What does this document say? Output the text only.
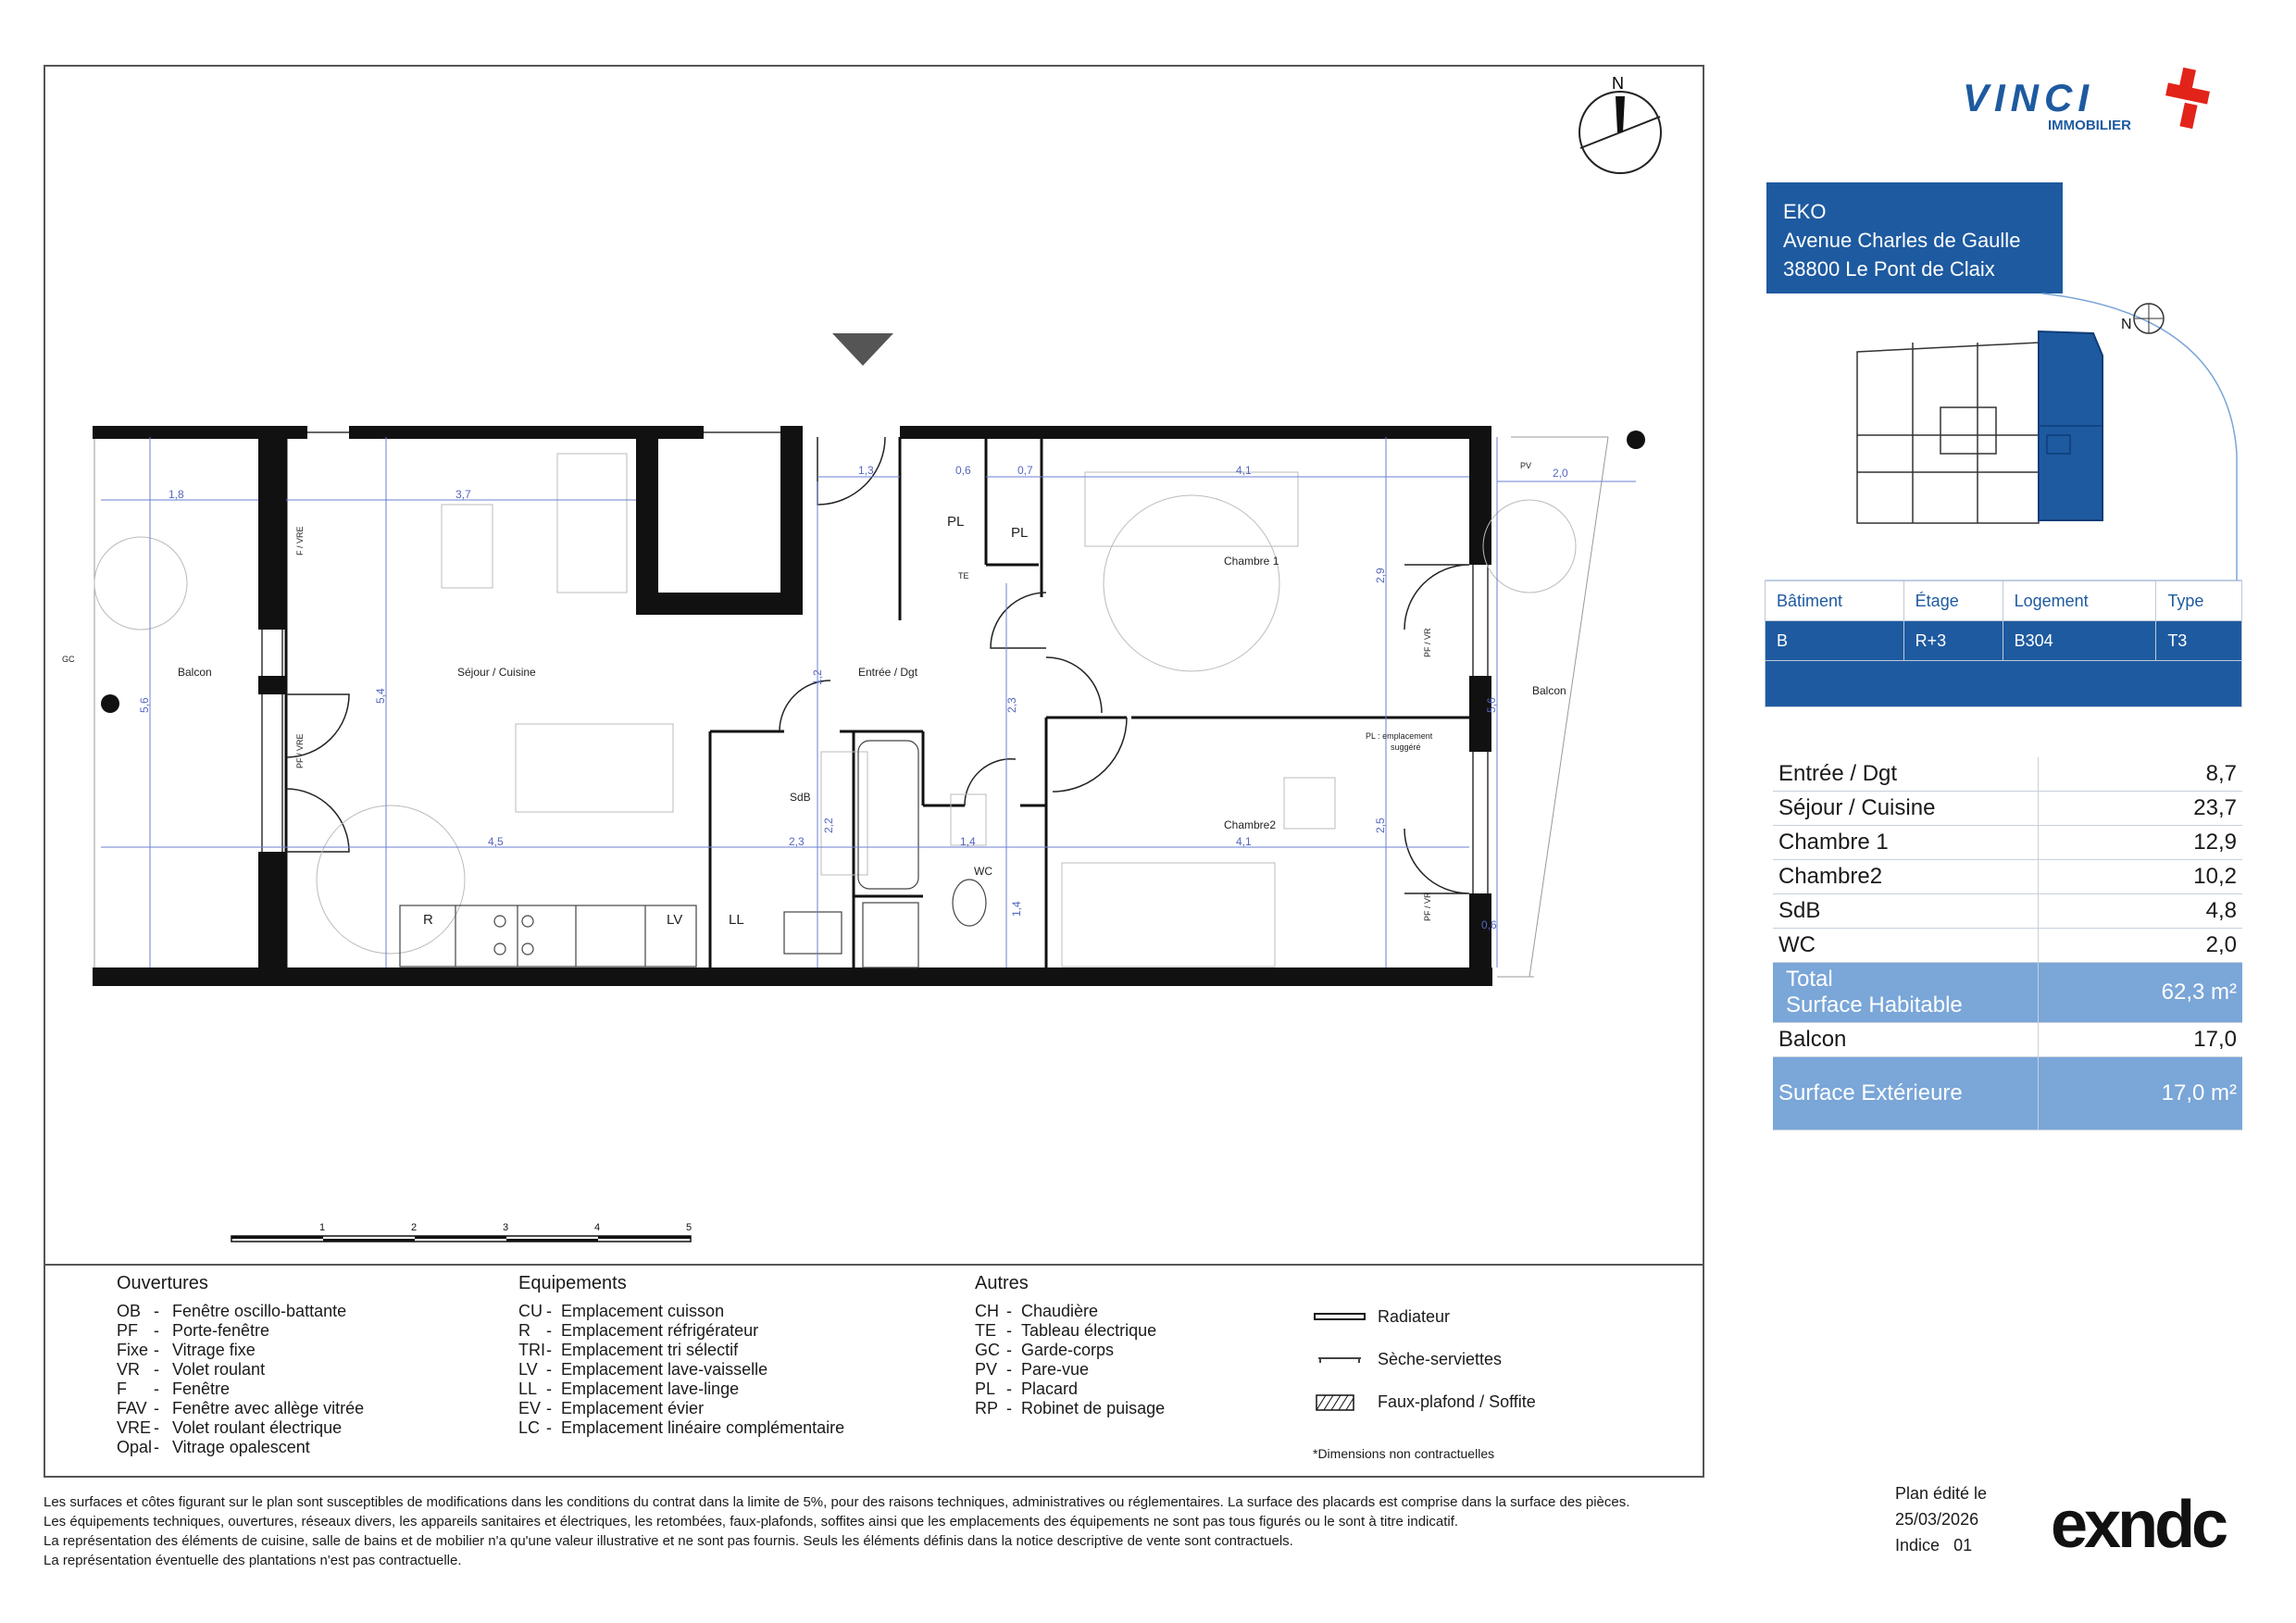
N
Balcon	Séjour / Cuisine	Entrée / Dgt
Chambre 1
Chambre2
SdB
WC
Balcon
PL
PL
R	LV	LL
TE
PL : emplacement
suggéré
PV
GC
PF / VR
PF / VR
F / VRE
PF / VRE
1,8	3,7
1,3	0,6	0,7	4,1	2,0
5,6
5,4
1,2
2,3
2,9
5,6
4,5	2,3
2,2
1,4
1,4
4,1
2,5
0,6
1	2	3	4	5
Ouvertures
OB - Fenêtre oscillo-battante
PF - Porte-fenêtre
Fixe - Vitrage fixe
VR - Volet roulant
F	- Fenêtre
FAV - Fenêtre avec allège vitrée
VRE - Volet roulant électrique
Opal - Vitrage opalescent
Equipements
CU - Emplacement cuisson
R - Emplacement réfrigérateur
TRI - Emplacement tri sélectif
LV - Emplacement lave-vaisselle
LL - Emplacement lave-linge
EV - Emplacement évier
LC - Emplacement linéaire complémentaire
Autres
CH - Chaudière
TE - Tableau électrique
GC - Garde-corps
PV - Pare-vue
PL - Placard
RP - Robinet de puisage
Radiateur
Sèche-serviettes
Faux-plafond / Soffite
*Dimensions non contractuelles
Les surfaces et côtes figurant sur le plan sont susceptibles de modifications dans les conditions du contrat dans la limite de 5%, pour des raisons techniques, administratives ou réglementaires. La surface des placards est comprise dans la surface des pièces.
Les équipements techniques, ouvertures, réseaux divers, les appareils sanitaires et électriques, les retombées, faux-plafonds, soffites ainsi que les emplacements des équipements ne sont pas tous figurés ou le sont à titre indicatif.
La représentation des éléments de cuisine, salle de bains et de mobilier n'a qu'une valeur illustrative et ne sont pas fournis. Seuls les éléments définis dans la notice descriptive de vente sont contractuels.
La représentation éventuelle des plantations n'est pas contractuelle.
VINCI
IMMOBILIER
EKO
Avenue Charles de Gaulle
38800 Le Pont de Claix
N
Bâtiment	Étage	Logement	Type
B	R+3	B304	T3

Entrée / Dgt	8,7
Séjour / Cuisine	23,7
Chambre 1	12,9
Chambre2	10,2
SdB	4,8
WC	2,0

Total
Surface Habitable	62,3 m²
Balcon	17,0
Surface Extérieure	17,0 m²
Plan édité le
25/03/2026
Indice 01 exndc
